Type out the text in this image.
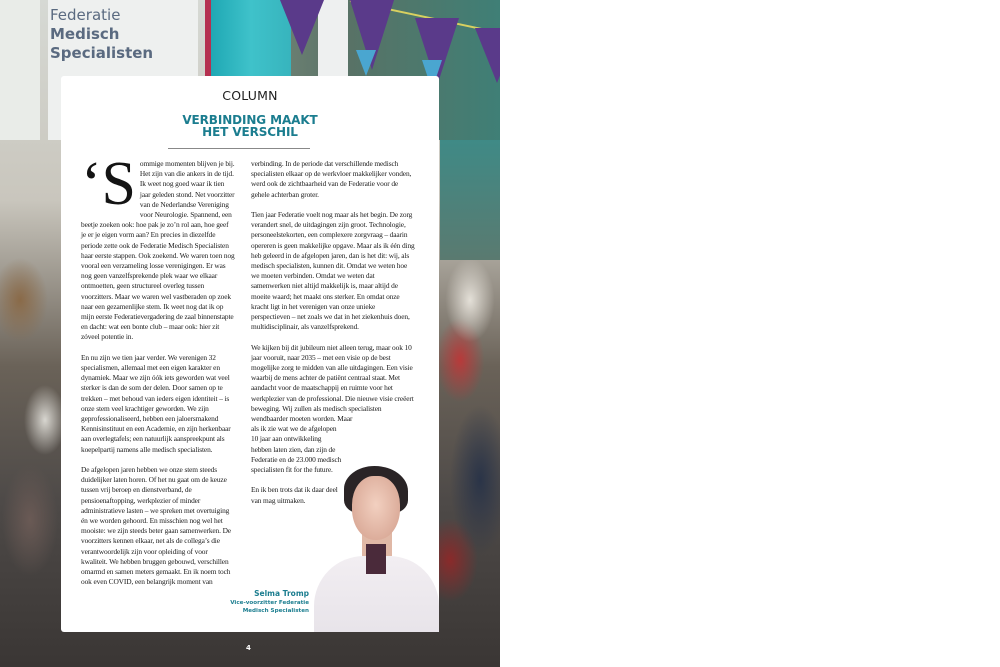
Federatie
Medisch
Specialisten
COLUMN
VERBINDING MAAKT
HET VERSCHIL

‘Sommige momenten blijven je bij. Het zijn van die ankers in de tijd. Ik weet nog goed waar ik tien jaar geleden stond. Net voorzitter van de Nederlandse Vereniging voor Neurologie. Spannend, een beetje zoeken ook: hoe pak je zo’n rol aan, hoe geef je er je eigen vorm aan? En precies in diezelfde periode zette ook de Federatie Medisch Specialisten haar eerste stappen. Ook zoekend. We waren toen nog vooral een verzameling losse verenigingen. Er was nog geen vanzelfsprekende plek waar we elkaar ontmoetten, geen structureel overleg tussen voorzitters. Maar we waren wel vastberaden op zoek naar een gezamenlijke stem. Ik weet nog dat ik op mijn eerste Federatievergadering de zaal binnenstapte en dacht: wat een bonte club – maar ook: hier zit zóveel potentie in.

En nu zijn we tien jaar verder. We verenigen 32 specialismen, allemaal met een eigen karakter en dynamiek. Maar we zijn óók iets geworden wat veel sterker is dan de som der delen. Door samen op te trekken – met behoud van ieders eigen identiteit – is onze stem veel krachtiger geworden. We zijn geprofessionaliseerd, hebben een jaloersmakend Kennisinstituut en een Academie, en zijn herkenbaar aan overlegtafels; een natuurlijk aanspreekpunt als koepelpartij namens alle medisch specialisten.

De afgelopen jaren hebben we onze stem steeds duidelijker laten horen. Of het nu gaat om de keuze tussen vrij beroep en dienstverband, de pensioenaftopping, werkplezier of minder administratieve lasten – we spreken met overtuiging én we worden gehoord. En misschien nog wel het mooiste: we zijn steeds beter gaan samenwerken. De voorzitters kennen elkaar, net als de collega’s die verantwoordelijk zijn voor opleiding of voor kwaliteit. We hebben bruggen gebouwd, verschillen omarmd en samen meters gemaakt. En ik noem toch ook even COVID, een belangrijk moment van

verbinding. In de periode dat verschillende medisch specialisten elkaar op de werkvloer makkelijker vonden, werd ook de zichtbaarheid van de Federatie voor de gehele achterban groter.

Tien jaar Federatie voelt nog maar als het begin. De zorg verandert snel, de uitdagingen zijn groot. Technologie, personeelstekorten, een complexere zorgvraag – daarin opereren is geen makkelijke opgave. Maar als ik één ding heb geleerd in de afgelopen jaren, dan is het dit: wij, als medisch specialisten, kunnen dit. Omdat we weten hoe we moeten verbinden. Omdat we weten dat samenwerken niet altijd makkelijk is, maar altijd de moeite waard; het maakt ons sterker. En omdat onze kracht ligt in het verenigen van onze unieke perspectieven – net zoals we dat in het ziekenhuis doen, multidisciplinair, als vanzelfsprekend.

We kijken bij dit jubileum niet alleen terug, maar ook 10 jaar vooruit, naar 2035 – met een visie op de best mogelijke zorg te midden van alle uitdagingen. Een visie waarbij de mens achter de patiënt centraal staat. Met aandacht voor de maatschappij en ruimte voor het werkplezier van de professional. Die nieuwe visie creëert beweging. Wij zullen als medisch specialisten wendbaarder moeten worden. Maar

als ik zie wat we de afgelopen 10 jaar aan ontwikkeling hebben laten zien, dan zijn de Federatie en de 23.000 medisch specialisten fit for the future.

En ik ben trots dat ik daar deel van mag uitmaken.

Selma Tromp
Vice-voorzitter Federatie
Medisch Specialisten
4
